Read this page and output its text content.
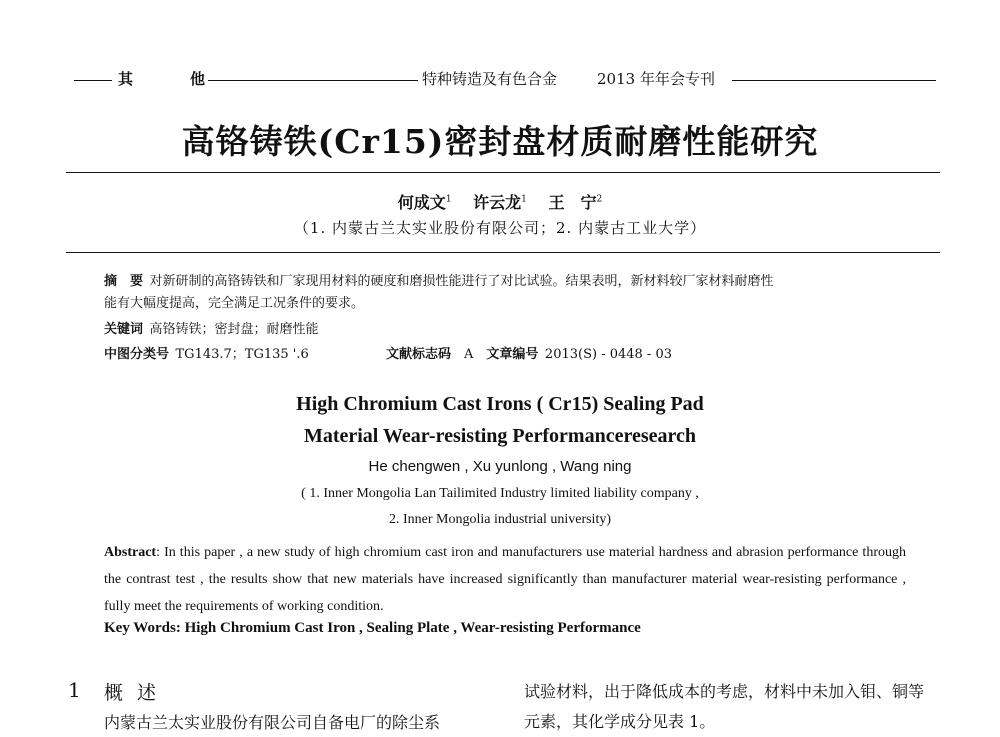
其	他	特种铸造及有色合金	2013 年年会专刊
高铬铸铁(Cr15)密封盘材质耐磨性能研究
何成文$^1$  许云龙$^1$  王　宁$^2$
（1. 内蒙古兰太实业股份有限公司；2. 内蒙古工业大学）
摘　要  对新研制的高铬铸铁和厂家现用材料的硬度和磨损性能进行了对比试验。结果表明，新材料较厂家材料耐磨性
能有大幅度提高，完全满足工况条件的要求。
关键词  高铬铸铁；密封盘；耐磨性能
中图分类号  TG143.7；TG135 '.6	文献标志码  A  文章编号  2013(S) - 0448 - 03
High Chromium Cast Irons ( Cr15) Sealing Pad
Material Wear-resisting Performanceresearch
He chengwen , Xu yunlong , Wang ning
( 1. Inner Mongolia Lan Tailimited Industry limited liability company ,
2. Inner Mongolia industrial university)
Abstract: In this paper , a new study of high chromium cast iron and manufacturers use material hardness and abrasion performance through the contrast test , the results show that new materials have increased significantly than manufacturer material wear-resisting performance , fully meet the requirements of working condition.
Key Words: High Chromium Cast Iron , Sealing Plate , Wear-resisting Performance
1 概述
内蒙古兰太实业股份有限公司自备电厂的除尘系
试验材料，出于降低成本的考虑，材料中未加入钼、铜等
元素，其化学成分见表 1。
